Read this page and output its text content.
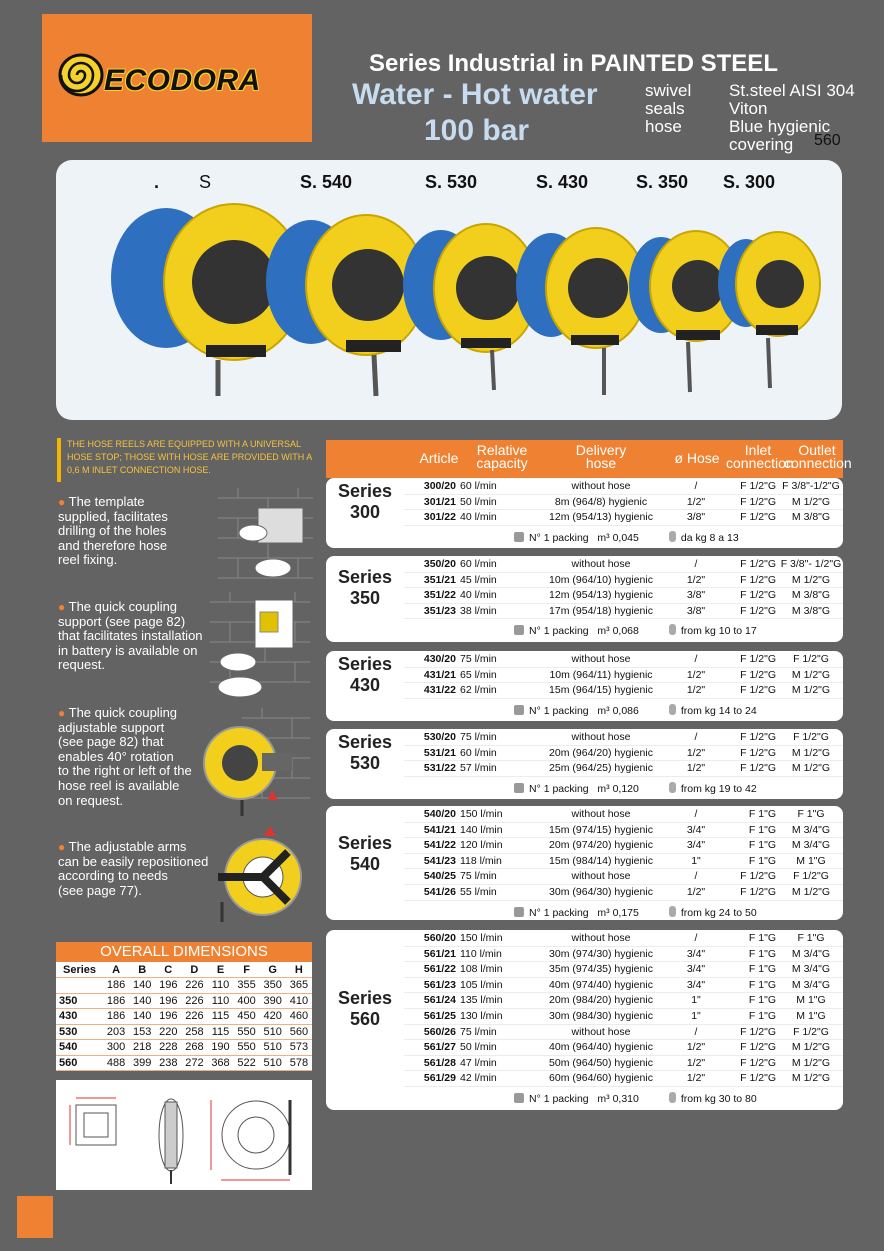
ECODORA
Series Industrial in PAINTED STEEL
Water - Hot water
100 bar
swivel St.steel AISI 304
seals	Viton
hose	Blue hygienic
covering 560
. S	S. 540	S. 530	S. 430	S. 350 S. 300
THE HOSE REELS ARE EQUIPPED WITH A UNIVERSAL HOSE STOP; THOSE WITH HOSE ARE PROVIDED WITH A 0,6 M INLET CONNECTION HOSE.
● The template
supplied, facilitates
drilling of the holes
and therefore hose
reel fixing.
● The quick coupling
support (see page 82)
that facilitates installation
in battery is available on
request.
● The quick coupling
adjustable support
(see page 82) that
enables 40° rotation
to the right or left of the
hose reel is available
on request.
● The adjustable arms
can be easily repositioned
according to needs
(see page 77).
OVERALL DIMENSIONS
Series	A	B	C	D	E	F	G	H
	186	140	196	226	110	355	350	365
350	186	140	196	226	110	400	390	410
430	186	140	196	226	115	450	420	460
530	203	153	220	258	115	550	510	560
540	300	218	228	268	190	550	510	573
560	488	399	238	272	368	522	510	578
Article	Relative
capacity
Delivery
hose	ø Hose	Inlet
connection
Outlet
connection
Series
300
300/20 60 l/min	without hose	/	F 1/2"G F 3/8"-1/2"G
301/21 50 l/min	8m (964/8) hygienic	1/2"	F 1/2"G	M 1/2"G
301/22 40 l/min	12m (954/13) hygienic	3/8"	F 1/2"G	M 3/8"G
N° 1 packing m³ 0,045	da kg 8 a 13
Series
350
350/20 60 l/min	without hose	/	F 1/2"G F 3/8"- 1/2"G
351/21 45 l/min	10m (964/10) hygienic	1/2"	F 1/2"G	M 1/2"G
351/22 40 l/min	12m (954/13) hygienic	3/8"	F 1/2"G	M 3/8"G
351/23 38 l/min	17m (954/18) hygienic	3/8"	F 1/2"G	M 3/8"G
N° 1 packing m³ 0,068	from kg 10 to 17
Series
430
430/20 75 l/min	without hose	/	F 1/2"G	F 1/2"G
431/21 65 l/min	10m (964/11) hygienic	1/2"	F 1/2"G	M 1/2"G
431/22 62 l/min	15m (964/15) hygienic	1/2"	F 1/2"G	M 1/2"G
N° 1 packing m³ 0,086	from kg 14 to 24
Series
530
530/20 75 l/min	without hose	/	F 1/2"G	F 1/2"G
531/21 60 l/min	20m (964/20) hygienic	1/2"	F 1/2"G	M 1/2"G
531/22 57 l/min	25m (964/25) hygienic	1/2"	F 1/2"G	M 1/2"G
N° 1 packing m³ 0,120	from kg 19 to 42
Series
540
540/20 150 l/min	without hose	/	F 1"G	F 1"G
541/21 140 l/min	15m (974/15) hygienic	3/4"	F 1"G	M 3/4"G
541/22 120 l/min	20m (974/20) hygienic	3/4"	F 1"G	M 3/4"G
541/23 118 l/min	15m (984/14) hygienic	1"	F 1"G	M 1"G
540/25 75 l/min	without hose	/	F 1/2"G	F 1/2"G
541/26 55 l/min	30m (964/30) hygienic	1/2"	F 1/2"G	M 1/2"G
N° 1 packing m³ 0,175	from kg 24 to 50
Series
560
560/20 150 l/min	without hose	/	F 1"G	F 1"G
561/21 110 l/min	30m (974/30) hygienic	3/4"	F 1"G	M 3/4"G
561/22 108 l/min	35m (974/35) hygienic	3/4"	F 1"G	M 3/4"G
561/23 105 l/min	40m (974/40) hygienic	3/4"	F 1"G	M 3/4"G
561/24 135 l/min	20m (984/20) hygienic	1"	F 1"G	M 1"G
561/25 130 l/min	30m (984/30) hygienic	1"	F 1"G	M 1"G
560/26 75 l/min	without hose	/	F 1/2"G	F 1/2"G
561/27 50 l/min	40m (964/40) hygienic	1/2"	F 1/2"G	M 1/2"G
561/28 47 l/min	50m (964/50) hygienic	1/2"	F 1/2"G	M 1/2"G
561/29 42 l/min	60m (964/60) hygienic	1/2"	F 1/2"G	M 1/2"G
N° 1 packing m³ 0,310	from kg 30 to 80
